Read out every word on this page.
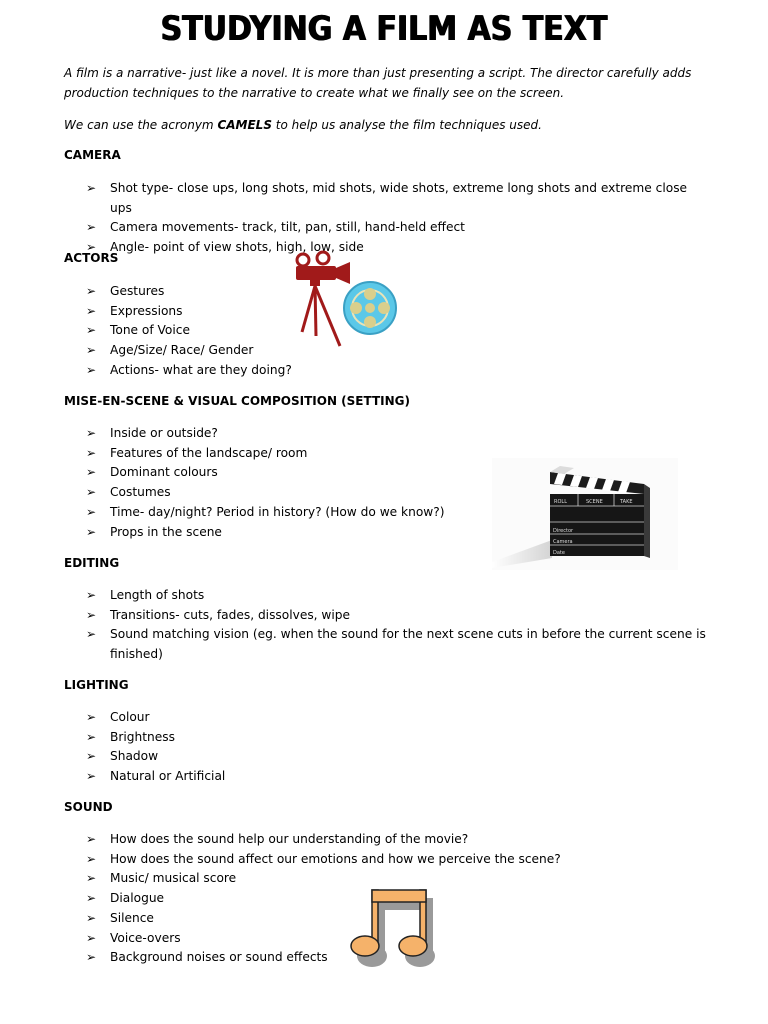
STUDYING A FILM AS TEXT
A film is a narrative- just like a novel. It is more than just presenting a script. The director carefully adds production techniques to the narrative to create what we finally see on the screen.
We can use the acronym CAMELS to help us analyse the film techniques used.
CAMERA
➢ Shot type- close ups, long shots, mid shots, wide shots, extreme long shots and extreme close ups
➢ Camera movements- track, tilt, pan, still, hand-held effect
➢ Angle- point of view shots, high, low, side
ACTORS
➢ Gestures
➢ Expressions
➢ Tone of Voice
➢ Age/Size/ Race/ Gender
➢ Actions- what are they doing?
MISE-EN-SCENE & VISUAL COMPOSITION (SETTING)
➢ Inside or outside?
➢ Features of the landscape/ room
➢ Dominant colours
➢ Costumes
➢ Time- day/night? Period in history? (How do we know?)
➢ Props in the scene
EDITING
➢ Length of shots
➢ Transitions- cuts, fades, dissolves, wipe
➢ Sound matching vision (eg. when the sound for the next scene cuts in before the current scene is finished)
LIGHTING
➢ Colour
➢ Brightness
➢ Shadow
➢ Natural or Artificial
SOUND
➢ How does the sound help our understanding of the movie?
➢ How does the sound affect our emotions and how we perceive the scene?
➢ Music/ musical score
➢ Dialogue
➢ Silence
➢ Voice-overs
➢ Background noises or sound effects
ROLL	SCENE	TAKE
Director
Camera
Date
